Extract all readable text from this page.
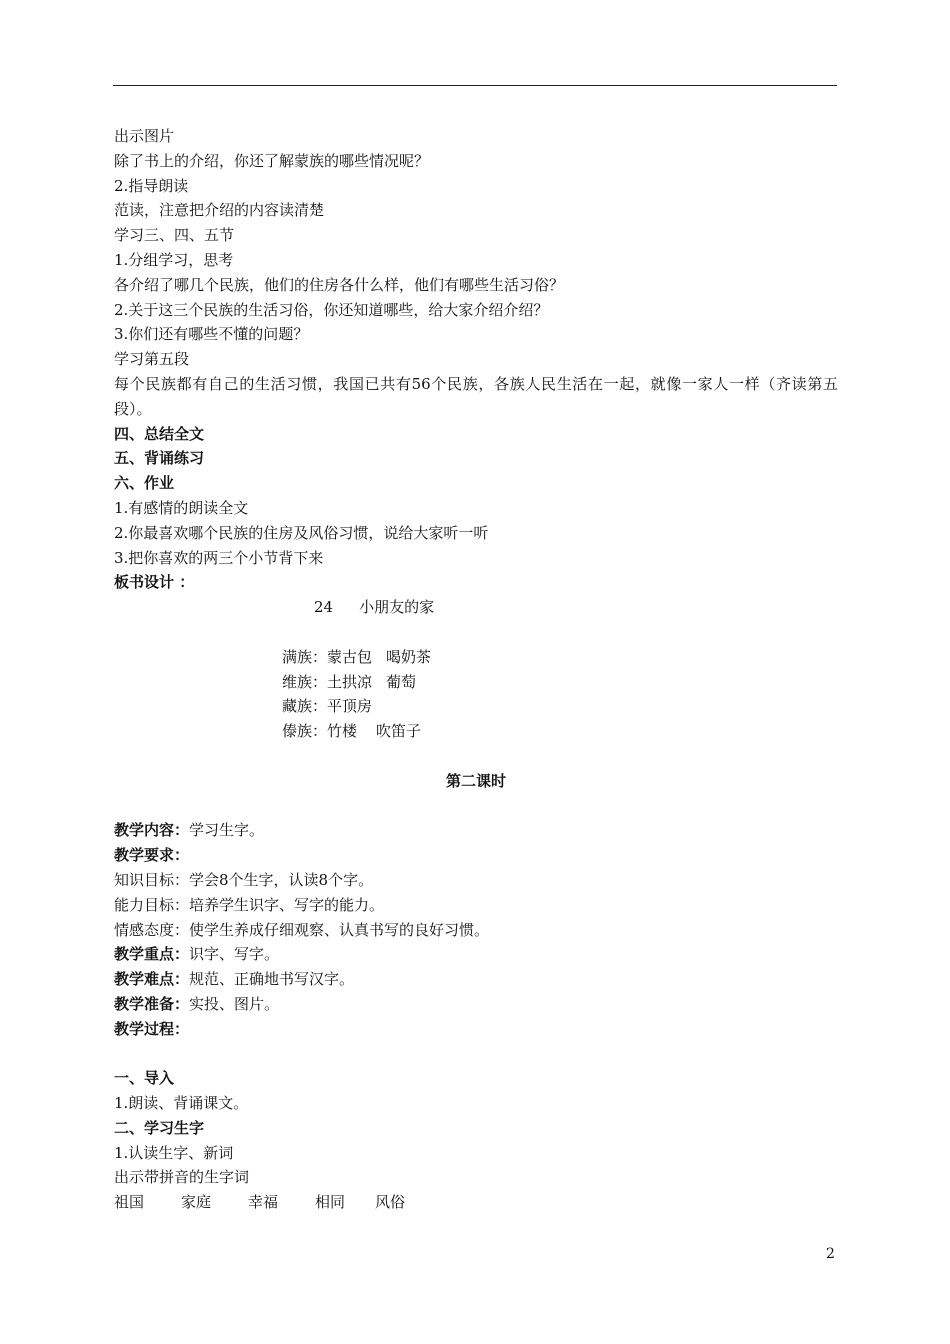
出示图片
除了书上的介绍，你还了解蒙族的哪些情况呢？
2.指导朗读
范读，注意把介绍的内容读清楚
学习三、四、五节
1.分组学习，思考
各介绍了哪几个民族，他们的住房各什么样，他们有哪些生活习俗？
2.关于这三个民族的生活习俗，你还知道哪些，给大家介绍介绍？
3.你们还有哪些不懂的问题？
学习第五段
每个民族都有自己的生活习惯，我国已共有56个民族，各族人民生活在一起，就像一家人一样（齐读第五段）。
四、总结全文
五、背诵练习
六、作业
1.有感情的朗读全文
2.你最喜欢哪个民族的住房及风俗习惯，说给大家听一听
3.把你喜欢的两三个小节背下来
板书设计 ：
24 小朋友的家
满族：蒙古包 喝奶茶
维族：土拱凉 葡萄
藏族：平顶房
傣族：竹楼 吹笛子
第二课时
教学内容：学习生字。
教学要求：
知识目标：学会8个生字，认读8个字。
能力目标：培养学生识字、写字的能力。
情感态度：使学生养成仔细观察、认真书写的良好习惯。
教学重点：识字、写字。
教学难点：规范、正确地书写汉字。
教学准备：实投、图片。
教学过程：
一、导入
1.朗读、背诵课文。
二、学习生字
1.认读生字、新词
出示带拼音的生字词
祖国 家庭 幸福 相同 风俗
2
